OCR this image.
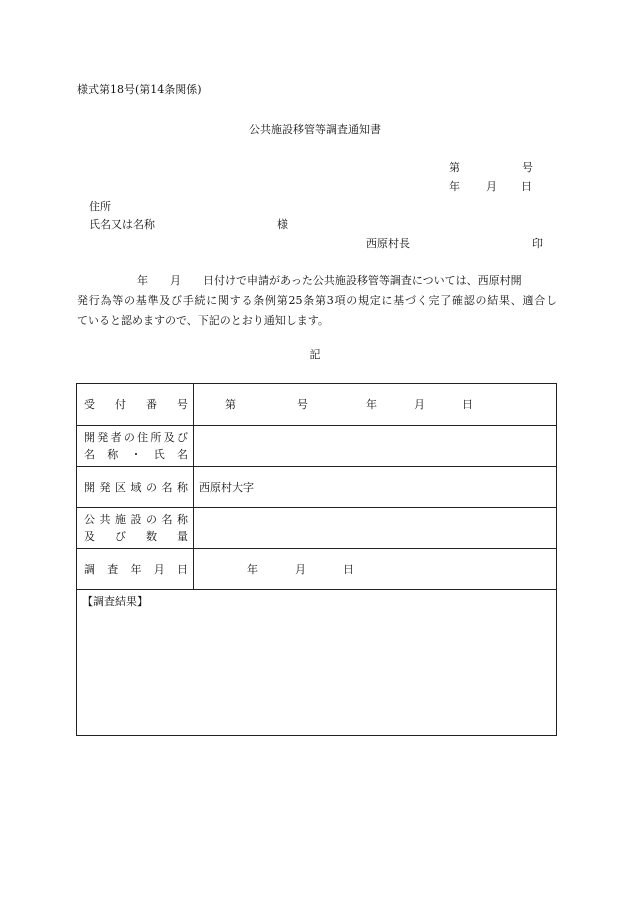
様式第18号(第14条関係)
公共施設移管等調査通知書
第	号
年 月 日
住所
氏名又は名称	様
西原村長	印
年　　月　　日付けで申請があった公共施設移管等調査については、西原村開
発行為等の基準及び手続に関する条例第25条第3項の規定に基づく完了確認の結果、適合し
ていると認めますので、下記のとおり通知します。
記
受付番号	第	号	年	月	日
開発者の住所及び
名称・氏名
開発区域の名称 西原村大字
公共施設の名称
及び数量
調査年月日	年	月	日
【調査結果】
